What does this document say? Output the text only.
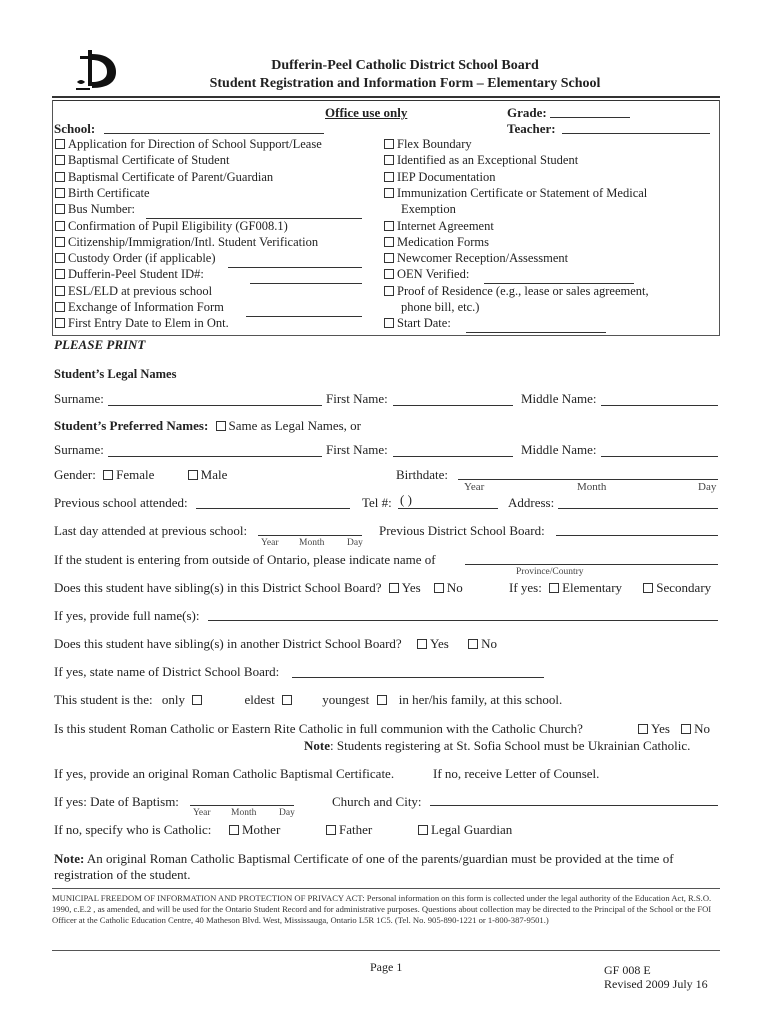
Dufferin-Peel Catholic District School Board
Student Registration and Information Form – Elementary School
Office use only	Grade:
Teacher:
School:
Application for Direction of School Support/Lease
Baptismal Certificate of Student
Baptismal Certificate of Parent/Guardian
Birth Certificate
Bus Number:
Confirmation of Pupil Eligibility (GF008.1)
Citizenship/Immigration/Intl. Student Verification
Custody Order (if applicable)
Dufferin-Peel Student ID#:
ESL/ELD at previous school
Exchange of Information Form
First Entry Date to Elem in Ont.
Flex Boundary
Identified as an Exceptional Student
IEP Documentation
Immunization Certificate or Statement of Medical
Exemption
Internet Agreement
Medication Forms
Newcomer Reception/Assessment
OEN Verified:
Proof of Residence (e.g., lease or sales agreement,
phone bill, etc.)
Start Date:
PLEASE PRINT
Student’s Legal Names
Surname:	First Name:	Middle Name:
Student’s Preferred Names: Same as Legal Names, or
Surname:	First Name:	Middle Name:
Gender: Female	Male	Birthdate:
Year	Month	Day
Previous school attended:	Tel #: ( )	Address:
Last day attended at previous school:
Year Month Day
Previous District School Board:
If the student is entering from outside of Ontario, please indicate name of
Province/Country
Does this student have sibling(s) in this District School Board? Yes No	If yes: Elementary	Secondary
If yes, provide full name(s):
Does this student have sibling(s) in another District School Board? Yes No
If yes, state name of District School Board:
This student is the: only	eldest	youngest in her/his family, at this school.
Is this student Roman Catholic or Eastern Rite Catholic in full communion with the Catholic Church?	Yes No
Note: Students registering at St. Sofia School must be Ukrainian Catholic.
If yes, provide an original Roman Catholic Baptismal Certificate.	If no, receive Letter of Counsel.
If yes: Date of Baptism:
Year Month Day
Church and City:
If no, specify who is Catholic:	Mother	Father	Legal Guardian
Note: An original Roman Catholic Baptismal Certificate of one of the parents/guardian must be provided at the time of
registration of the student.
MUNICIPAL FREEDOM OF INFORMATION AND PROTECTION OF PRIVACY ACT: Personal information on this form is collected under the legal authority of the Education Act, R.S.O. 1990, c.E.2 , as amended, and will be used for the Ontario Student Record and for administrative purposes. Questions about collection may be directed to the Principal of the School or the FOI Officer at the Catholic Education Centre, 40 Matheson Blvd. West, Mississauga, Ontario L5R 1C5. (Tel. No. 905-890-1221 or 1-800-387-9501.)
Page 1	GF 008 E
Revised 2009 July 16
